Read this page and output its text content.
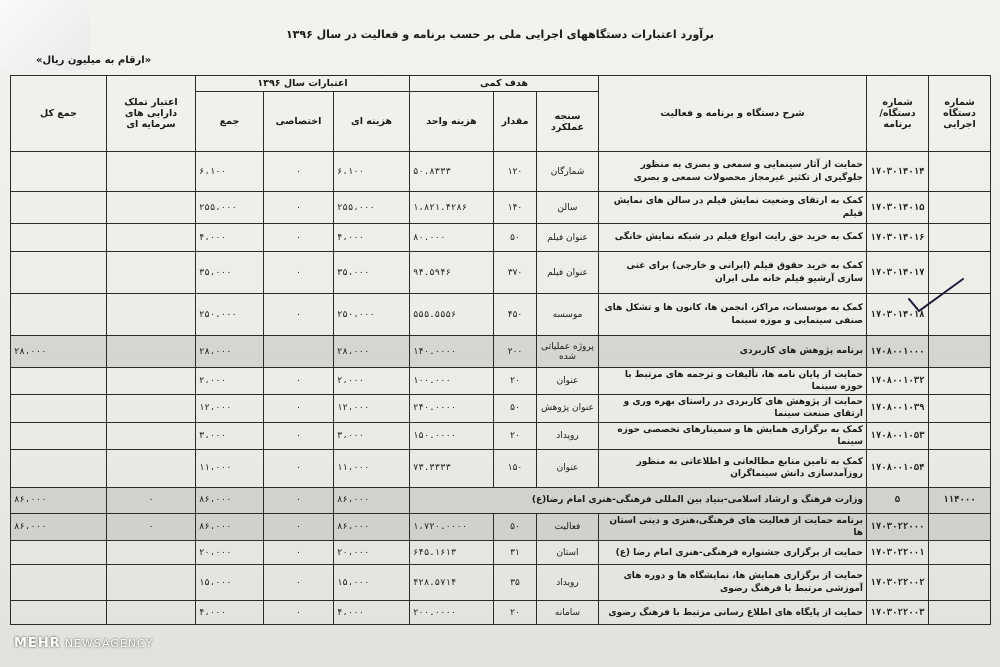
برآورد اعتبارات دستگاههای اجرایی ملی بر حسب برنامه و فعالیت در سال ۱۳۹۶
«ارقام به میلیون ریال»
شماره دستگاه اجرایی	شماره دستگاه/ برنامه	شرح دستگاه و برنامه و فعالیت	هدف کمی			اعتبارات سال ۱۳۹۶			اعتبار تملک دارایی های سرمایه ای	جمع کل
			سنجه عملکرد	مقدار	هزینه واحد	هزینه ای	اختصاصی	جمع		
	۱۷۰۳۰۱۴۰۱۴	حمایت از آثار سینمایی و سمعی و بصری به منظور جلوگیری از تکثیر غیرمجاز محصولات سمعی و بصری	شمارگان	۱۲۰	۵۰.۸۳۳۳	۶،۱۰۰	۰	۶،۱۰۰		
	۱۷۰۳۰۱۴۰۱۵	کمک به ارتقای وضعیت نمایش فیلم در سالن های نمایش فیلم	سالن	۱۴۰	۱،۸۲۱.۴۲۸۶	۲۵۵،۰۰۰	۰	۲۵۵،۰۰۰		
	۱۷۰۳۰۱۴۰۱۶	کمک به خرید حق رایت انواع فیلم در شبکه نمایش خانگی	عنوان فیلم	۵۰	۸۰.۰۰۰	۴،۰۰۰	۰	۴،۰۰۰		
	۱۷۰۳۰۱۴۰۱۷	کمک به خرید حقوق فیلم (ایرانی و خارجی) برای غنی سازی آرشیو فیلم خانه ملی ایران	عنوان فیلم	۳۷۰	۹۴.۵۹۴۶	۳۵،۰۰۰	۰	۳۵،۰۰۰		
	۱۷۰۳۰۱۴۰۱۸	کمک به موسسات، مراکز، انجمن ها، کانون ها و تشکل های صنفی سینمایی و موزه سینما	موسسه	۴۵۰	۵۵۵.۵۵۵۶	۲۵۰،۰۰۰	۰	۲۵۰،۰۰۰		
	۱۷۰۸۰۰۱۰۰۰	برنامه پژوهش های کاربردی	پروژه عملیاتی شده	۲۰۰	۱۴۰.۰۰۰۰	۲۸،۰۰۰		۲۸،۰۰۰		۲۸،۰۰۰
	۱۷۰۸۰۰۱۰۳۲	حمایت از پایان نامه ها، تألیفات و ترجمه های مرتبط با حوزه سینما	عنوان	۲۰	۱۰۰.۰۰۰	۲،۰۰۰	۰	۲،۰۰۰		
	۱۷۰۸۰۰۱۰۳۹	حمایت از پژوهش های کاربردی در راستای بهره وری و ارتقای صنعت سینما	عنوان پژوهش	۵۰	۲۴۰.۰۰۰۰	۱۲،۰۰۰	۰	۱۲،۰۰۰		
	۱۷۰۸۰۰۱۰۵۳	کمک به برگزاری همایش ها و سمینارهای تخصصی حوزه سینما	رویداد	۲۰	۱۵۰.۰۰۰۰	۳،۰۰۰	۰	۳،۰۰۰		
	۱۷۰۸۰۰۱۰۵۴	کمک به تامین منابع مطالعاتی و اطلاعاتی به منظور روزآمدسازی دانش سینماگران	عنوان	۱۵۰	۷۳.۳۳۳۳	۱۱،۰۰۰	۰	۱۱،۰۰۰		
۱۱۴۰۰۰	۵	وزارت فرهنگ و ارشاد اسلامی-بنیاد بین المللی فرهنگی-هنری امام رضا(ع)				۸۶،۰۰۰	۰	۸۶،۰۰۰	۰	۸۶،۰۰۰
	۱۷۰۳۰۲۲۰۰۰	برنامه حمایت از فعالیت های فرهنگی،هنری و دینی استان ها	فعالیت	۵۰	۱،۷۲۰.۰۰۰۰	۸۶،۰۰۰	۰	۸۶،۰۰۰	۰	۸۶،۰۰۰
	۱۷۰۳۰۲۲۰۰۱	حمایت از برگزاری جشنواره فرهنگی-هنری امام رضا (ع)	استان	۳۱	۶۴۵.۱۶۱۳	۲۰،۰۰۰	۰	۲۰،۰۰۰		
	۱۷۰۳۰۲۲۰۰۲	حمایت از برگزاری همایش ها، نمایشگاه ها و دوره های آموزشی مرتبط با فرهنگ رضوی	رویداد	۳۵	۴۲۸.۵۷۱۴	۱۵،۰۰۰	۰	۱۵،۰۰۰		
	۱۷۰۳۰۲۲۰۰۳	حمایت از پایگاه های اطلاع رسانی مرتبط با فرهنگ رضوی	سامانه	۲۰	۲۰۰.۰۰۰۰	۴،۰۰۰	۰	۴،۰۰۰		
MEHR NEWSAGENCY
